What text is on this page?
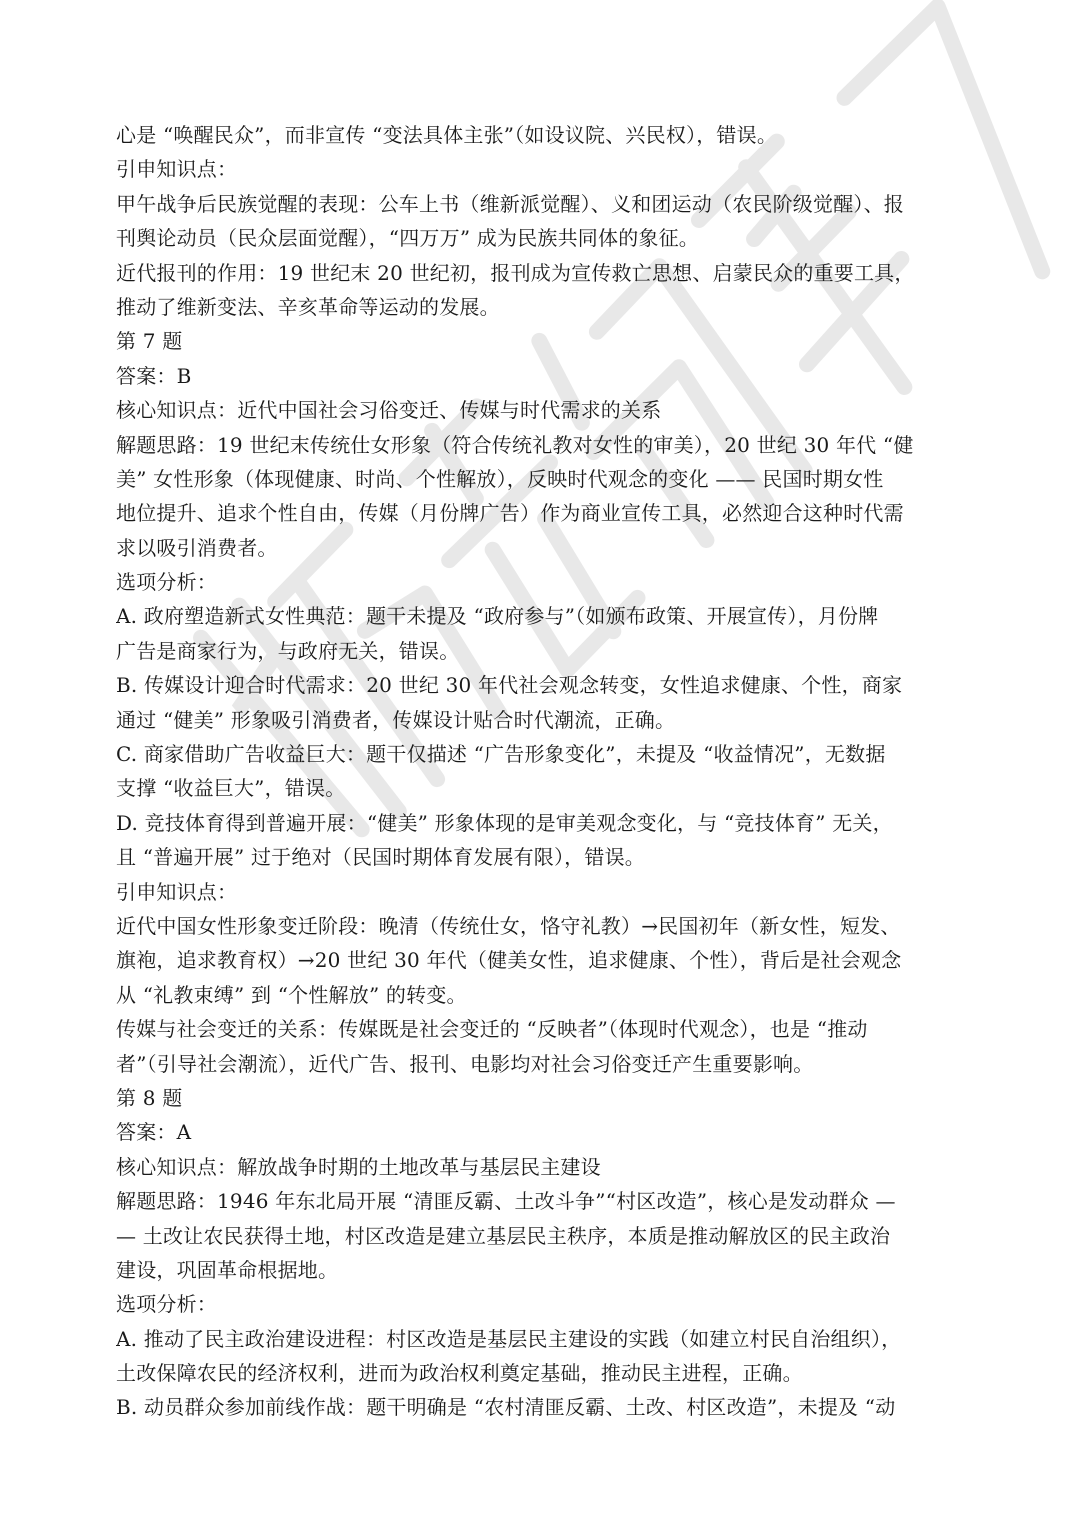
心是 “唤醒民众”，而非宣传 “变法具体主张”（如设议院、兴民权），错误。
引申知识点：
甲午战争后民族觉醒的表现：公车上书（维新派觉醒）、义和团运动（农民阶级觉醒）、报
刊舆论动员（民众层面觉醒），“四万万” 成为民族共同体的象征。
近代报刊的作用：19 世纪末 20 世纪初，报刊成为宣传救亡思想、启蒙民众的重要工具，
推动了维新变法、辛亥革命等运动的发展。
第 7 题
答案：B
核心知识点：近代中国社会习俗变迁、传媒与时代需求的关系
解题思路：19 世纪末传统仕女形象（符合传统礼教对女性的审美），20 世纪 30 年代 “健
美” 女性形象（体现健康、时尚、个性解放），反映时代观念的变化 —— 民国时期女性
地位提升、追求个性自由，传媒（月份牌广告）作为商业宣传工具，必然迎合这种时代需
求以吸引消费者。
选项分析：
A. 政府塑造新式女性典范：题干未提及 “政府参与”（如颁布政策、开展宣传），月份牌
广告是商家行为，与政府无关，错误。
B. 传媒设计迎合时代需求：20 世纪 30 年代社会观念转变，女性追求健康、个性，商家
通过 “健美” 形象吸引消费者，传媒设计贴合时代潮流，正确。
C. 商家借助广告收益巨大：题干仅描述 “广告形象变化”，未提及 “收益情况”，无数据
支撑 “收益巨大”，错误。
D. 竞技体育得到普遍开展：“健美” 形象体现的是审美观念变化，与 “竞技体育” 无关，
且 “普遍开展” 过于绝对（民国时期体育发展有限），错误。
引申知识点：
近代中国女性形象变迁阶段：晚清（传统仕女，恪守礼教）→民国初年（新女性，短发、
旗袍，追求教育权）→20 世纪 30 年代（健美女性，追求健康、个性），背后是社会观念
从 “礼教束缚” 到 “个性解放” 的转变。
传媒与社会变迁的关系：传媒既是社会变迁的 “反映者”（体现时代观念），也是 “推动
者”（引导社会潮流），近代广告、报刊、电影均对社会习俗变迁产生重要影响。
第 8 题
答案：A
核心知识点：解放战争时期的土地改革与基层民主建设
解题思路：1946 年东北局开展 “清匪反霸、土改斗争”“村区改造”，核心是发动群众 —
— 土改让农民获得土地，村区改造是建立基层民主秩序，本质是推动解放区的民主政治
建设，巩固革命根据地。
选项分析：
A. 推动了民主政治建设进程：村区改造是基层民主建设的实践（如建立村民自治组织），
土改保障农民的经济权利，进而为政治权利奠定基础，推动民主进程，正确。
B. 动员群众参加前线作战：题干明确是 “农村清匪反霸、土改、村区改造”，未提及 “动
